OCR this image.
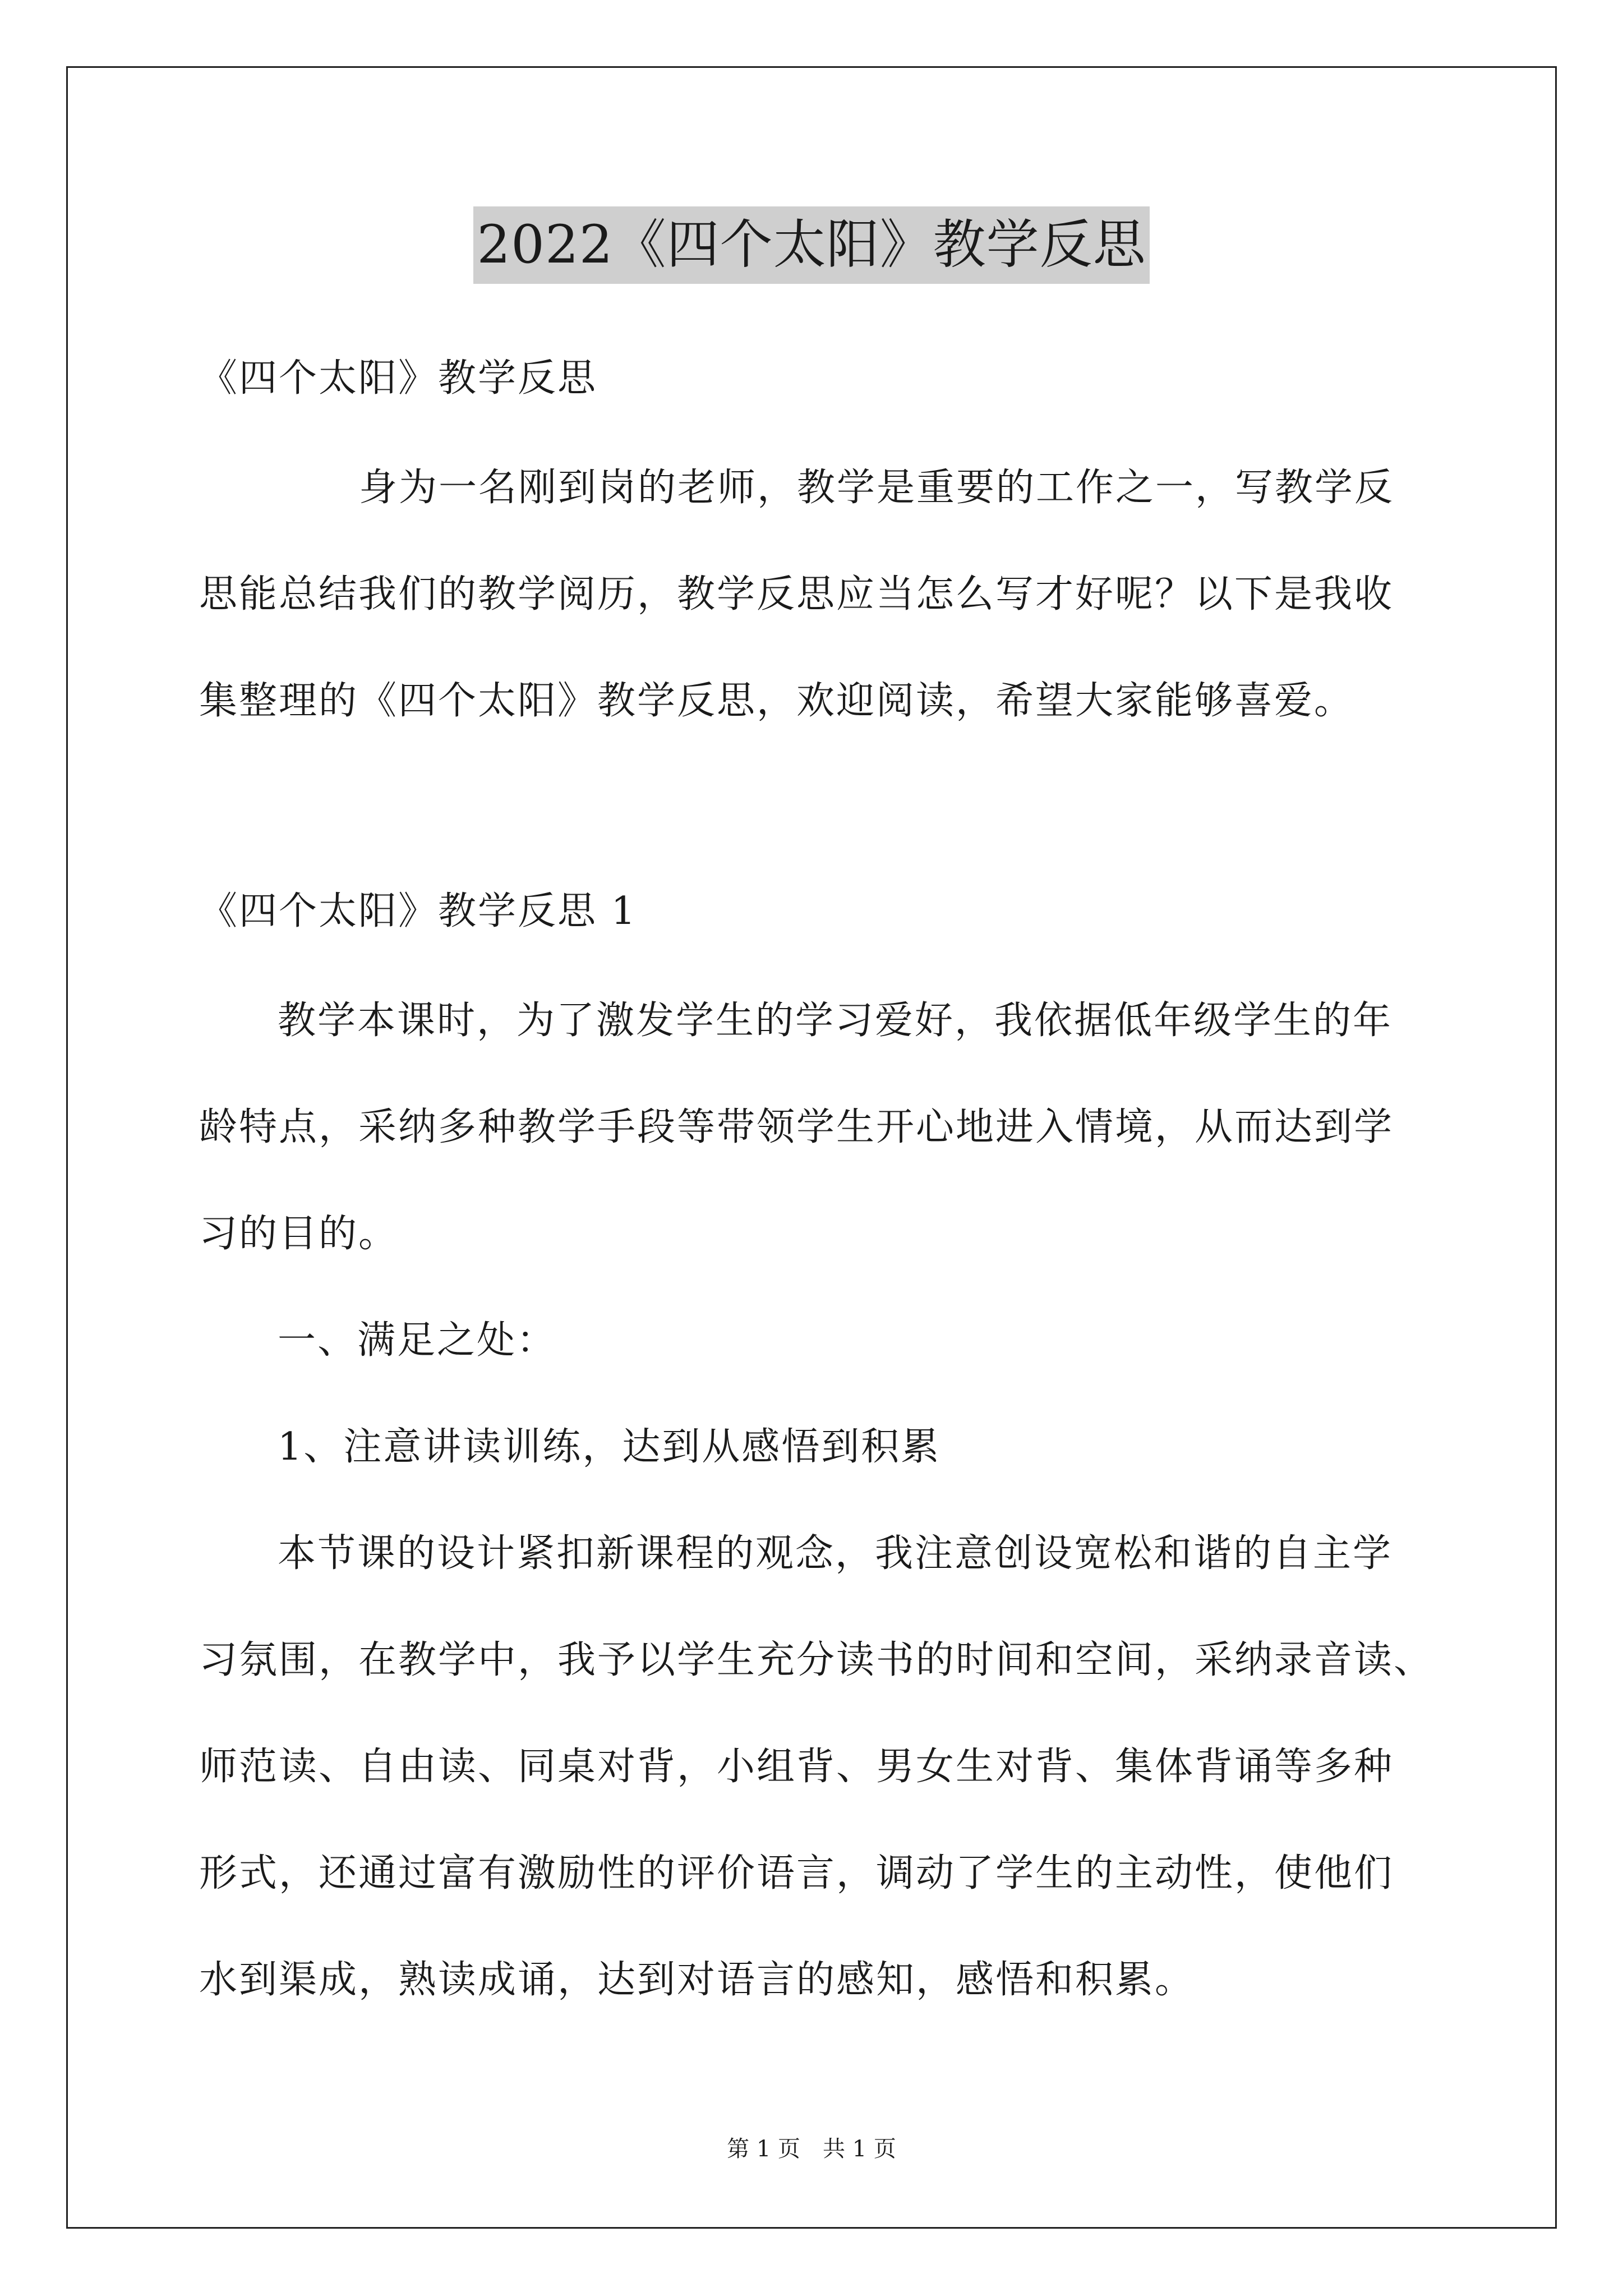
2022《四个太阳》教学反思
《四个太阳》教学反思
身为一名刚到岗的老师，教学是重要的工作之一，写教学反
思能总结我们的教学阅历，教学反思应当怎么写才好呢？以下是我收
集整理的《四个太阳》教学反思，欢迎阅读，希望大家能够喜爱。
《四个太阳》教学反思 1
教学本课时，为了激发学生的学习爱好，我依据低年级学生的年
龄特点，采纳多种教学手段等带领学生开心地进入情境，从而达到学
习的目的。
一、满足之处：
1、注意讲读训练，达到从感悟到积累
本节课的设计紧扣新课程的观念，我注意创设宽松和谐的自主学
习氛围，在教学中，我予以学生充分读书的时间和空间，采纳录音读、
师范读、自由读、同桌对背，小组背、男女生对背、集体背诵等多种
形式，还通过富有激励性的评价语言，调动了学生的主动性，使他们
水到渠成，熟读成诵，达到对语言的感知，感悟和积累。
第 1 页　共 1 页
